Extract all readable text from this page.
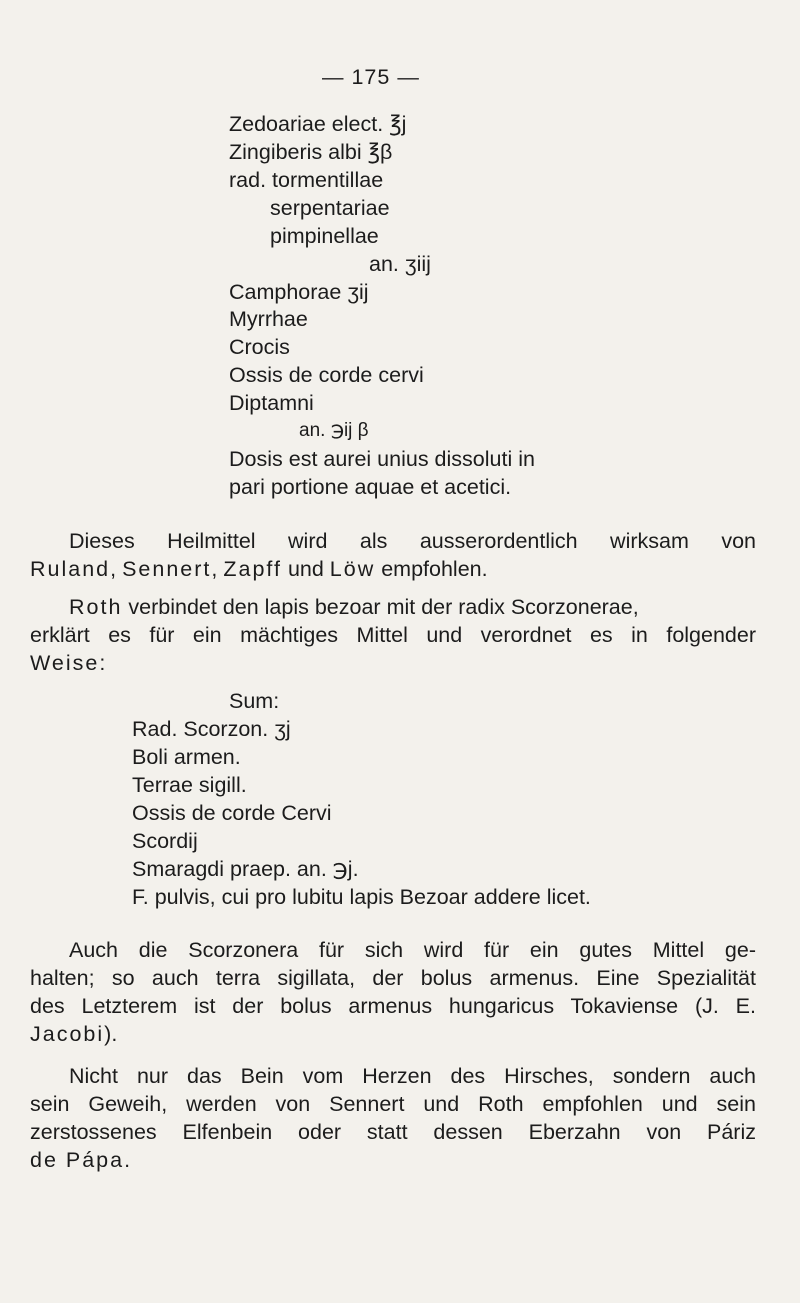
— 175 —
Zedoariae elect. ℥j
Zingiberis albi ℥β
rad. tormentillae
serpentariae
pimpinellae
an. ʒiij
Camphorae ʒij
Myrrhae
Crocis
Ossis de corde cervi
Diptamni
an. ℈ij β
Dosis est aurei unius dissoluti in
pari portione aquae et acetici.
Dieses Heilmittel wird als ausserordentlich wirksam von
Ruland, Sennert, Zapff und Löw empfohlen.
Roth verbindet den lapis bezoar mit der radix Scorzonerae,
erklärt es für ein mächtiges Mittel und verordnet es in folgender
Weise:
Sum:
Rad. Scorzon. ʒj
Boli armen.
Terrae sigill.
Ossis de corde Cervi
Scordij
Smaragdi praep. an. ℈j.
F. pulvis, cui pro lubitu lapis Bezoar addere licet.
Auch die Scorzonera für sich wird für ein gutes Mittel ge-
halten; so auch terra sigillata, der bolus armenus. Eine Spezialität
des Letzterem ist der bolus armenus hungaricus Tokaviense (J. E.
Jacobi).
Nicht nur das Bein vom Herzen des Hirsches, sondern auch
sein Geweih, werden von Sennert und Roth empfohlen und sein
zerstossenes Elfenbein oder statt dessen Eberzahn von Páriz
de Pápa.
